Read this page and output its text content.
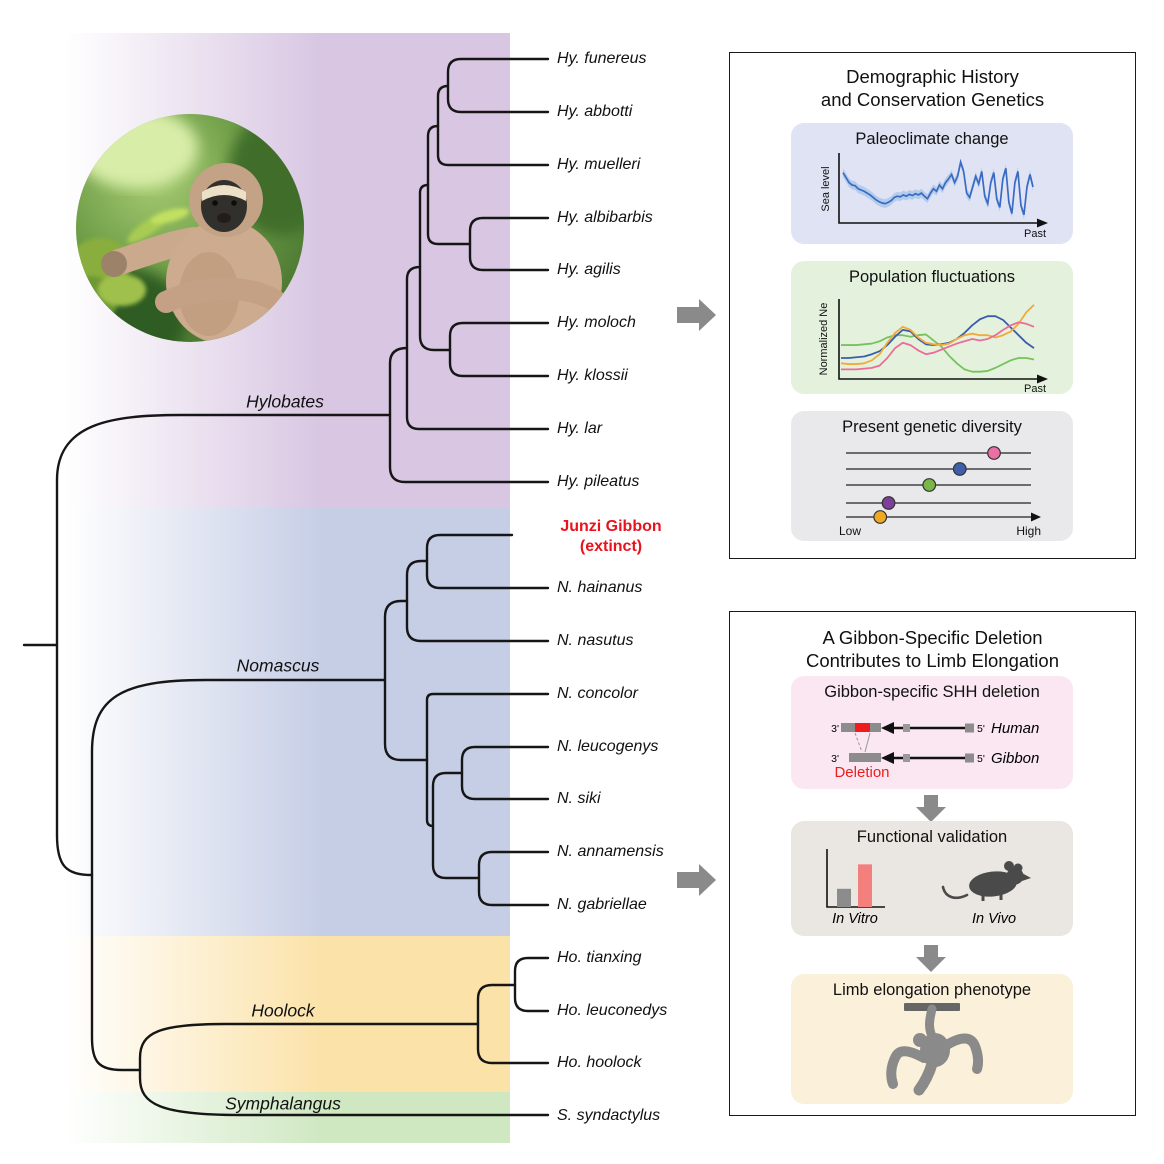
Hylobates
Nomascus
Hoolock
Symphalangus
Hy. funereus
Hy. abbotti
Hy. muelleri
Hy. albibarbis
Hy. agilis
Hy. moloch
Hy. klossii
Hy. lar
Hy. pileatus
Junzi Gibbon
(extinct)
N. hainanus
N. nasutus
N. concolor
N. leucogenys
N. siki
N. annamensis
N. gabriellae
Ho. tianxing
Ho. leuconedys
Ho. hoolock
S. syndactylus
Demographic History
and Conservation Genetics
Paleoclimate change
Sea level
Past
Population fluctuations
Normalized Ne
Past
Present genetic diversity
Low	High
A Gibbon-Specific Deletion
Contributes to Limb Elongation
Gibbon-specific SHH deletion
3'	5' Human
3'	5' Gibbon
Deletion
Functional validation
In Vitro	In Vivo
Limb elongation phenotype
